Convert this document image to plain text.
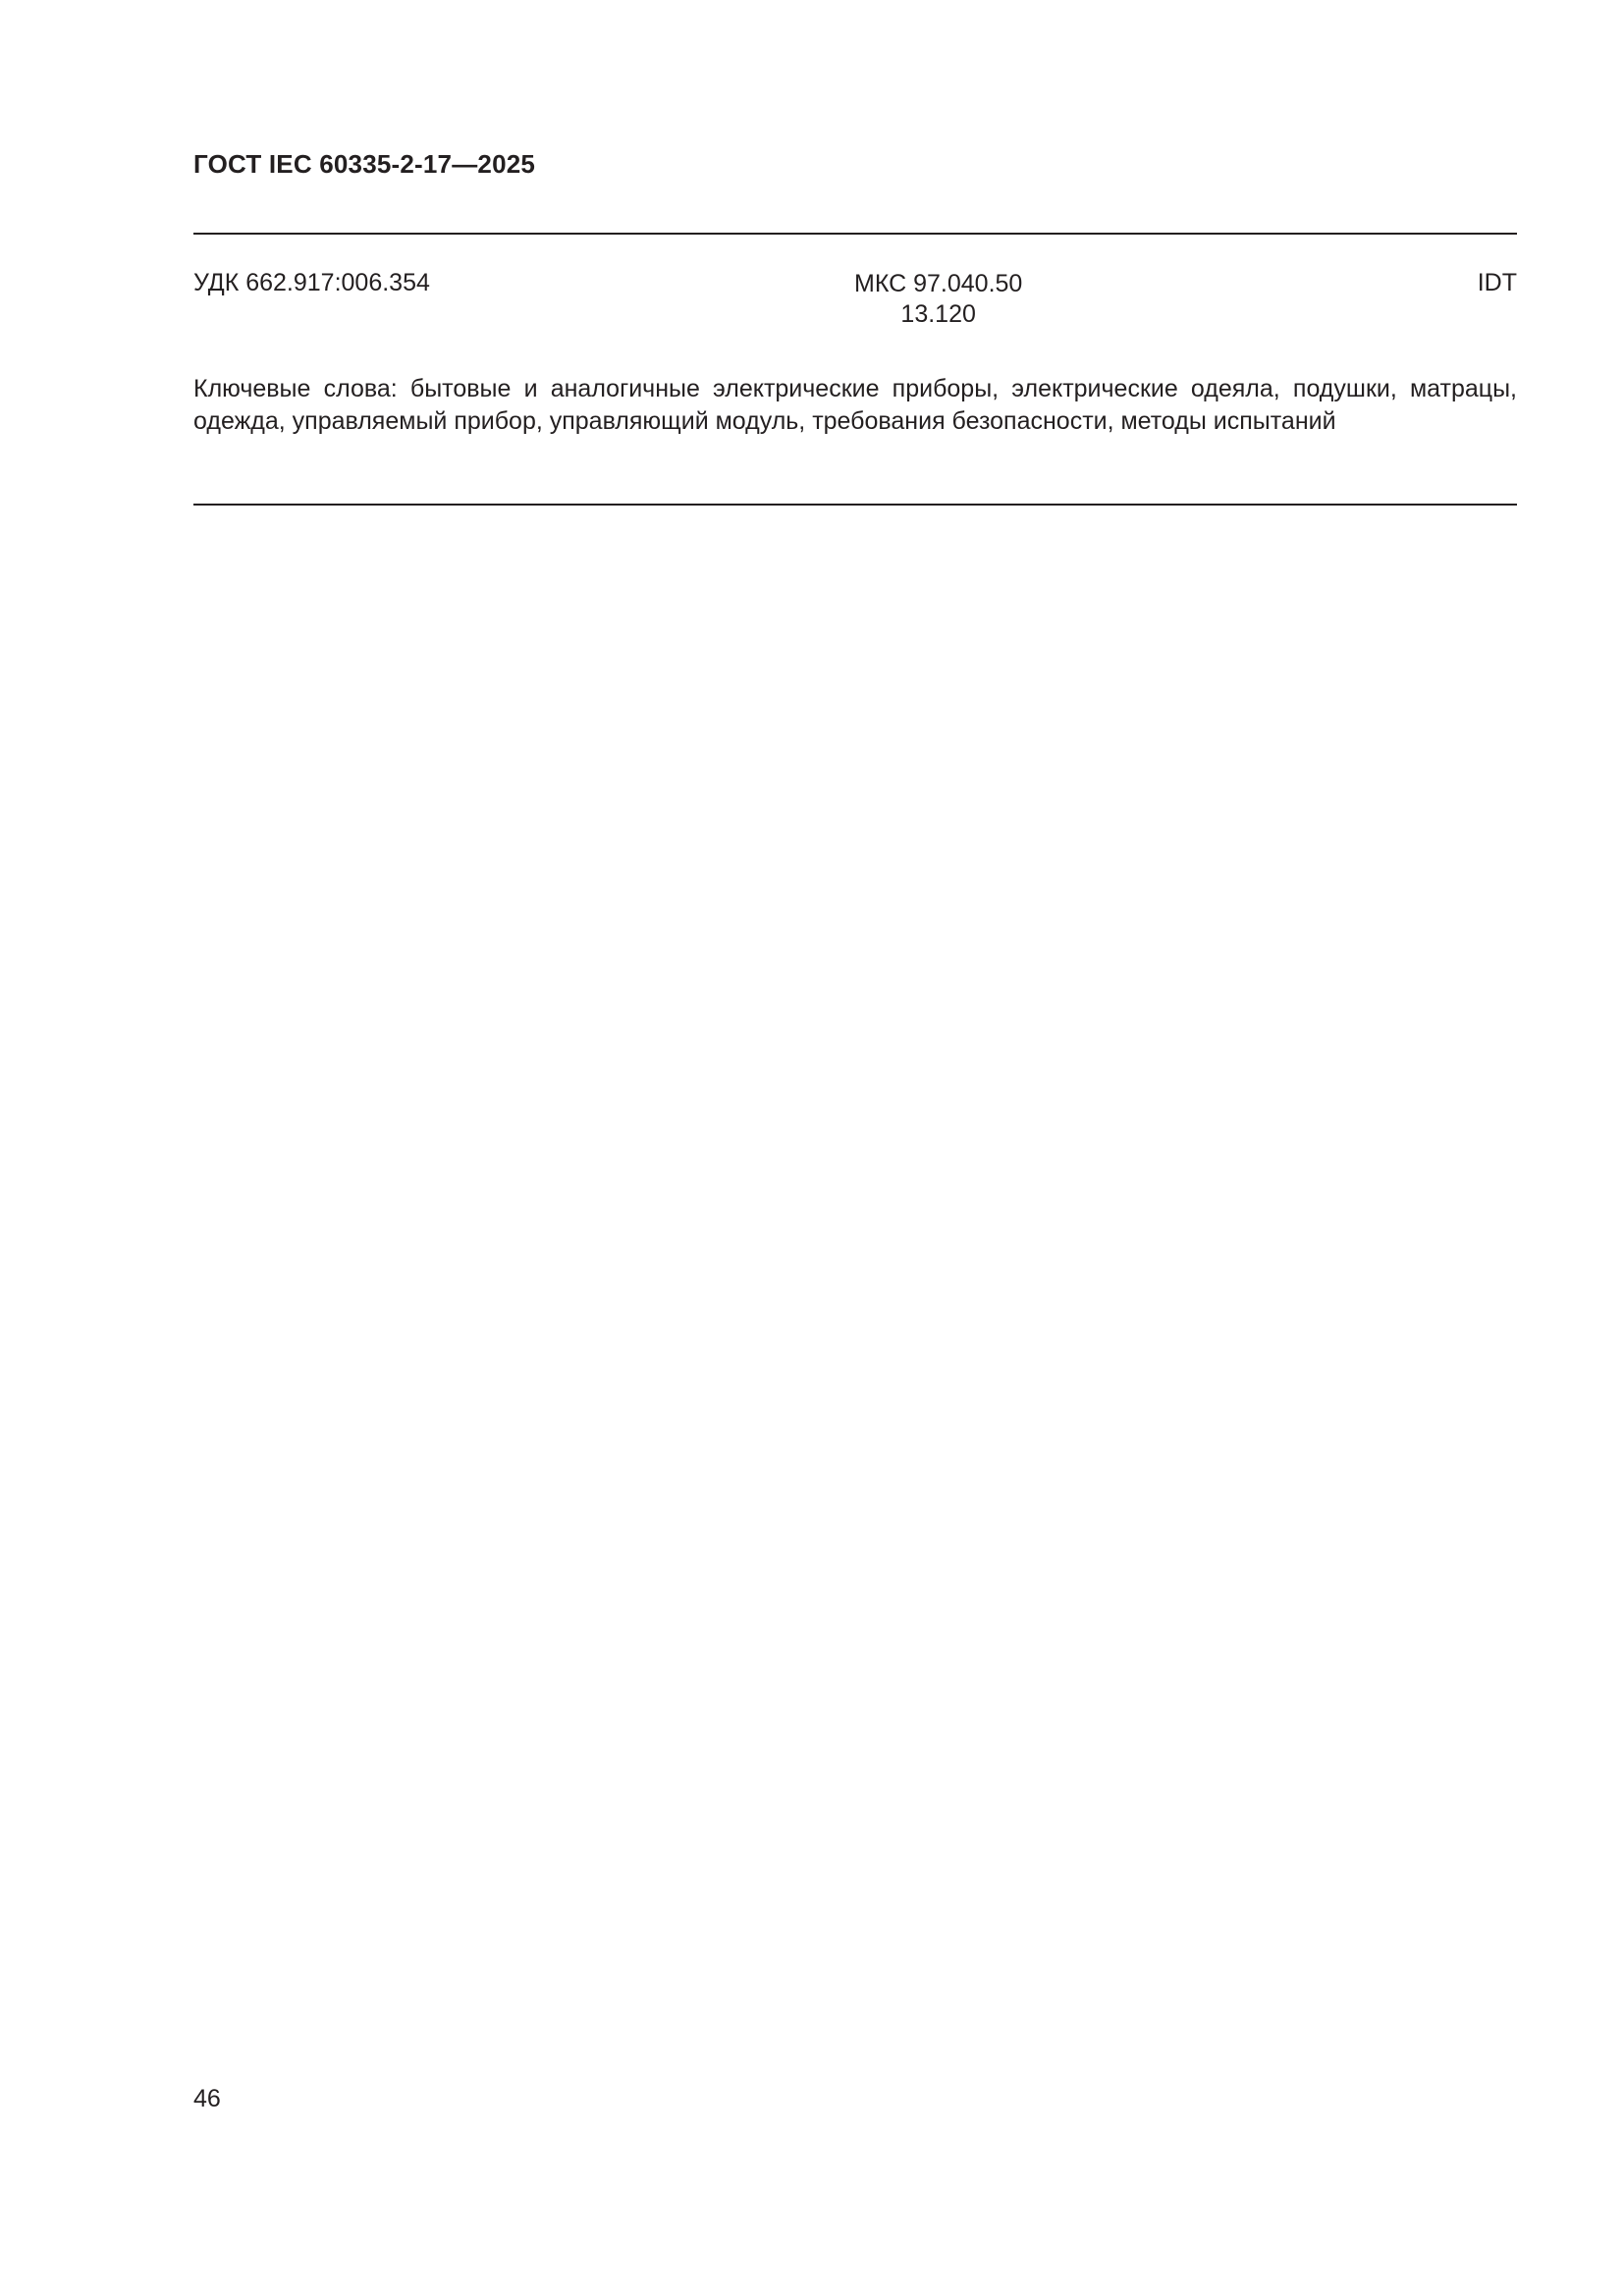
ГОСТ IEC 60335-2-17—2025
УДК 662.917:006.354	МКС 97.040.50
13.120
IDT

Ключевые слова: бытовые и аналогичные электрические приборы, электрические одеяла, подушки, матрацы, одежда, управляемый прибор, управляющий модуль, требования безопасности, методы испытаний

46
